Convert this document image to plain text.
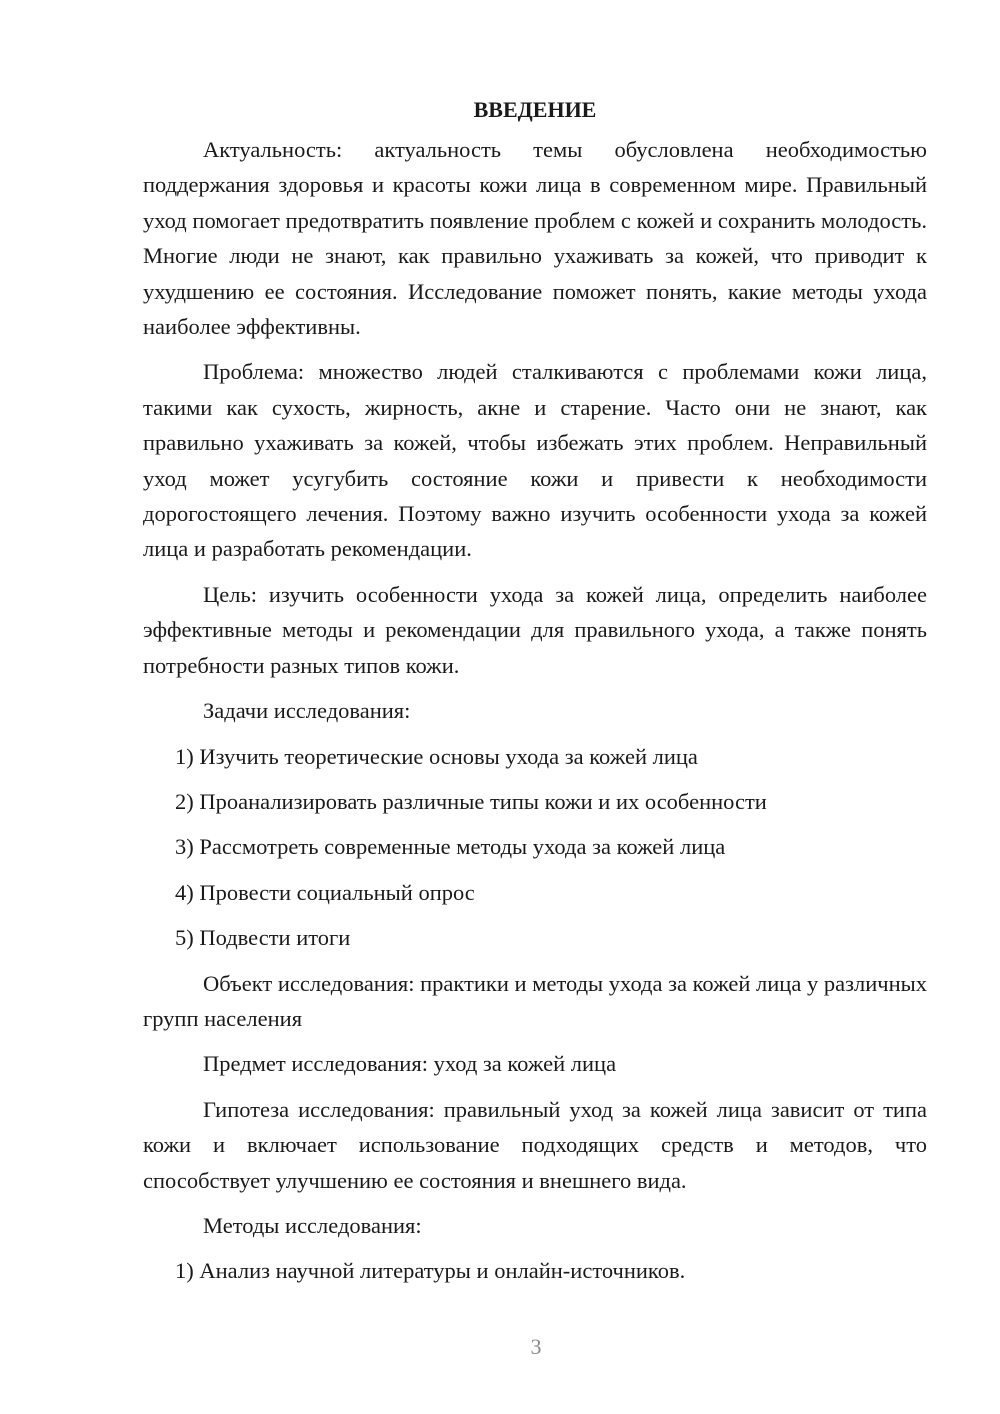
ВВЕДЕНИЕ

Актуальность: актуальность темы обусловлена необходимостью поддержания здоровья и красоты кожи лица в современном мире. Правильный уход помогает предотвратить появление проблем с кожей и сохранить молодость. Многие люди не знают, как правильно ухаживать за кожей, что приводит к ухудшению ее состояния. Исследование поможет понять, какие методы ухода наиболее эффективны.

Проблема: множество людей сталкиваются с проблемами кожи лица, такими как сухость, жирность, акне и старение. Часто они не знают, как правильно ухаживать за кожей, чтобы избежать этих проблем. Неправильный уход может усугубить состояние кожи и привести к необходимости дорогостоящего лечения. Поэтому важно изучить особенности ухода за кожей лица и разработать рекомендации.

Цель: изучить особенности ухода за кожей лица, определить наиболее эффективные методы и рекомендации для правильного ухода, а также понять потребности разных типов кожи.

Задачи исследования:

1) Изучить теоретические основы ухода за кожей лица

2) Проанализировать различные типы кожи и их особенности

3) Рассмотреть современные методы ухода за кожей лица

4) Провести социальный опрос

5) Подвести итоги

Объект исследования: практики и методы ухода за кожей лица у различных групп населения

Предмет исследования: уход за кожей лица

Гипотеза исследования: правильный уход за кожей лица зависит от типа кожи и включает использование подходящих средств и методов, что способствует улучшению ее состояния и внешнего вида.

Методы исследования:

1) Анализ научной литературы и онлайн-источников.

3
